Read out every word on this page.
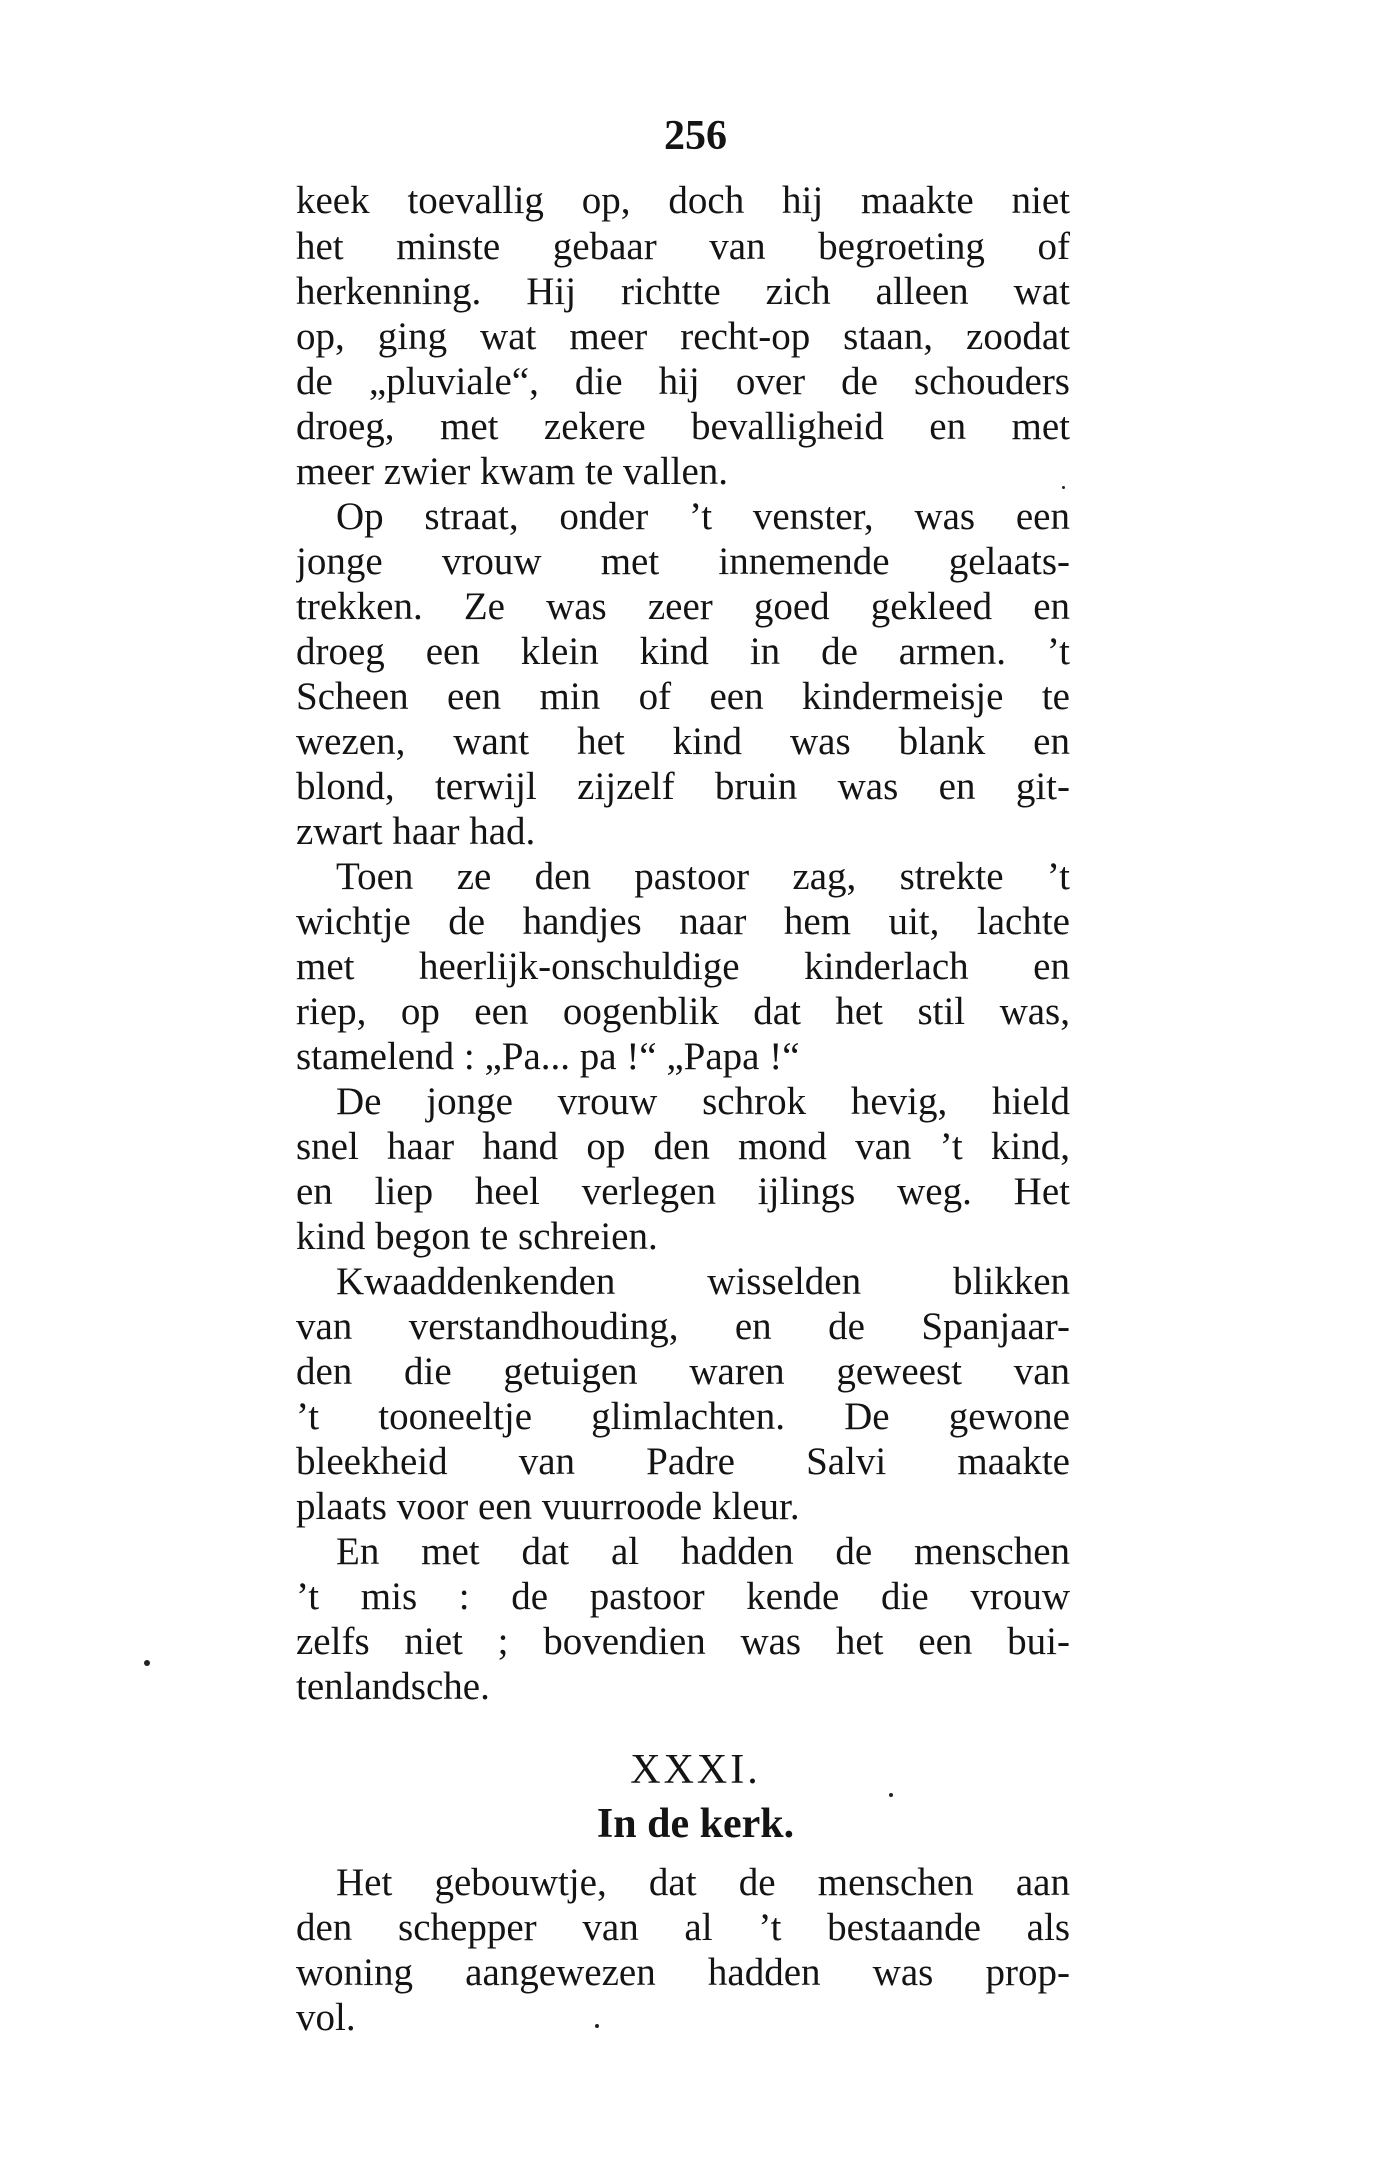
256
keek toevallig op, doch hij maakte niet
het minste gebaar van begroeting of
herkenning. Hij richtte zich alleen wat
op, ging wat meer recht-op staan, zoodat
de „pluviale“, die hij over de schouders
droeg, met zekere bevalligheid en met
meer zwier kwam te vallen.
Op straat, onder ’t venster, was een
jonge vrouw met innemende gelaats-
trekken. Ze was zeer goed gekleed en
droeg een klein kind in de armen. ’t
Scheen een min of een kindermeisje te
wezen, want het kind was blank en
blond, terwijl zijzelf bruin was en git-
zwart haar had.
Toen ze den pastoor zag, strekte ’t
wichtje de handjes naar hem uit, lachte
met heerlijk-onschuldige kinderlach en
riep, op een oogenblik dat het stil was,
stamelend : „Pa... pa !“ „Papa !“
De jonge vrouw schrok hevig, hield
snel haar hand op den mond van ’t kind,
en liep heel verlegen ijlings weg. Het
kind begon te schreien.
Kwaaddenkenden wisselden blikken
van verstandhouding, en de Spanjaar-
den die getuigen waren geweest van
’t tooneeltje glimlachten. De gewone
bleekheid van Padre Salvi maakte
plaats voor een vuurroode kleur.
En met dat al hadden de menschen
’t mis : de pastoor kende die vrouw
zelfs niet ; bovendien was het een bui-
tenlandsche.
XXXI.
In de kerk.
Het gebouwtje, dat de menschen aan
den schepper van al ’t bestaande als
woning aangewezen hadden was prop-
vol.
